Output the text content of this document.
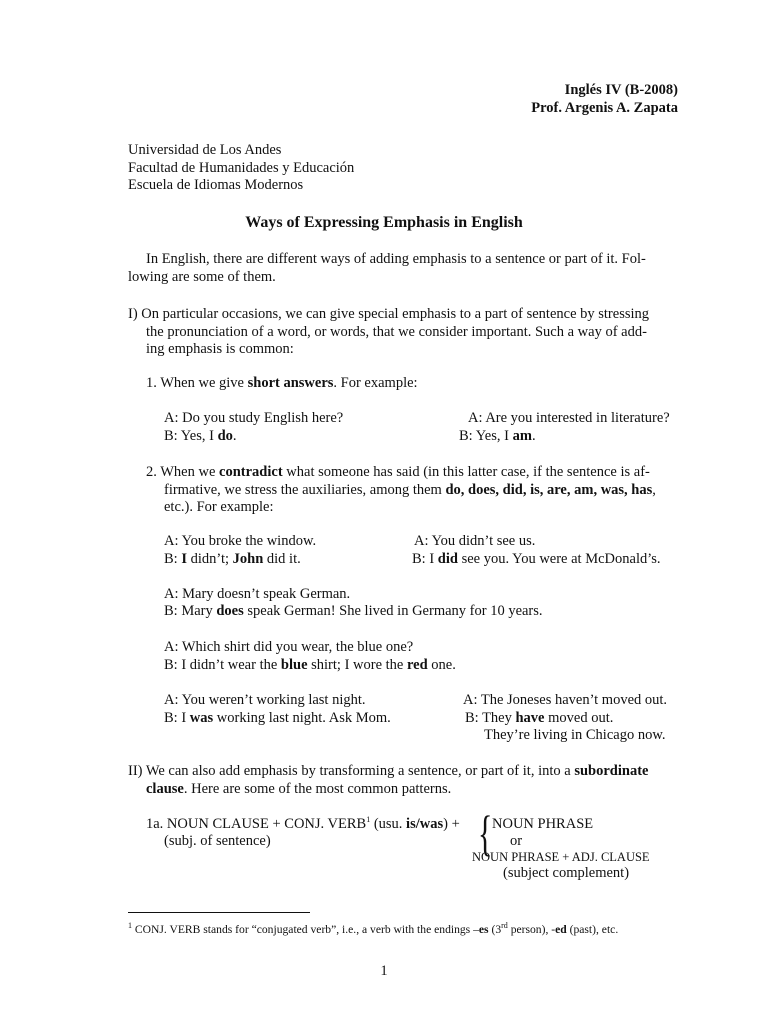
Inglés IV (B-2008)
Prof. Argenis A. Zapata
Universidad de Los Andes
Facultad de Humanidades y Educación
Escuela de Idiomas Modernos
Ways of Expressing Emphasis in English
In English, there are different ways of adding emphasis to a sentence or part of it. Fol-
lowing are some of them.
I) On particular occasions, we can give special emphasis to a part of sentence by stressing
the pronunciation of a word, or words, that we consider important. Such a way of add-
ing emphasis is common:
1. When we give short answers. For example:
A: Do you study English here?
B: Yes, I do.
A: Are you interested in literature?
B: Yes, I am.
2. When we contradict what someone has said (in this latter case, if the sentence is af-
firmative, we stress the auxiliaries, among them do, does, did, is, are, am, was, has,
etc.). For example:
A: You broke the window.
B: I didn’t; John did it.
A: You didn’t see us.
B: I did see you. You were at McDonald’s.
A: Mary doesn’t speak German.
B: Mary does speak German! She lived in Germany for 10 years.
A: Which shirt did you wear, the blue one?
B: I didn’t wear the blue shirt; I wore the red one.
A: You weren’t working last night.
B: I was working last night. Ask Mom.
A: The Joneses haven’t moved out.
B: They have moved out.
They’re living in Chicago now.
II) We can also add emphasis by transforming a sentence, or part of it, into a subordinate
clause. Here are some of the most common patterns.
1a. NOUN CLAUSE + CONJ. VERB$^1$ (usu. is/was) +
(subj. of sentence)	{ NOUN PHRASE
or
NOUN PHRASE + ADJ. CLAUSE
(subject complement)
$^1$ CONJ. VERB stands for “conjugated verb”, i.e., a verb with the endings –es (3rd person), -ed (past), etc.
1
